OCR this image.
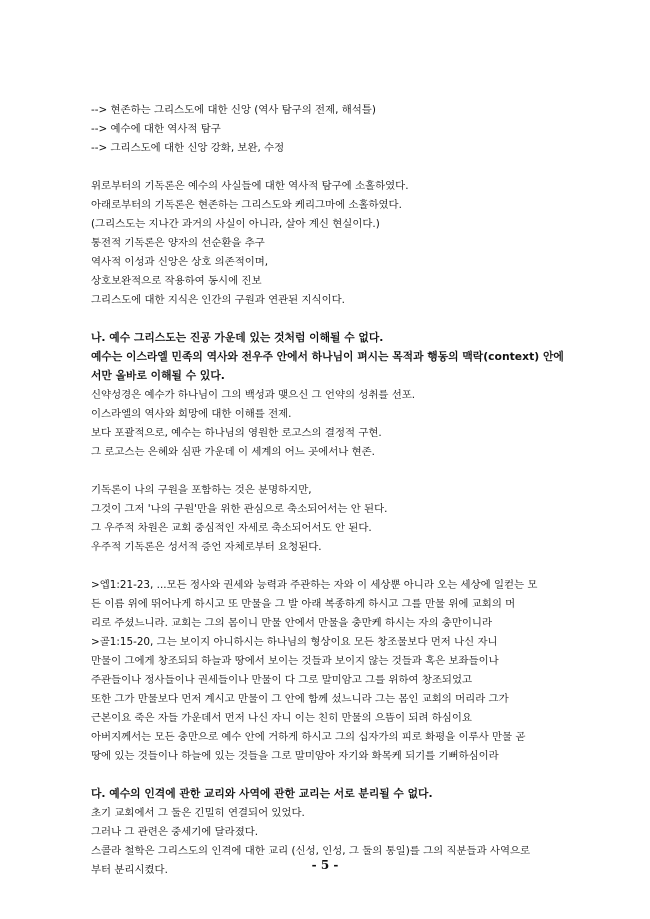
--> 현존하는 그리스도에 대한 신앙 (역사 탐구의 전제, 해석틀)
--> 예수에 대한 역사적 탐구
--> 그리스도에 대한 신앙 강화, 보완, 수정
위로부터의 기독론은 예수의 사실들에 대한 역사적 탐구에 소홀하였다.
아래로부터의 기독론은 현존하는 그리스도와 케리그마에 소홀하였다.
(그리스도는 지나간 과거의 사실이 아니라, 살아 계신 현실이다.)
통전적 기독론은 양자의 선순환을 추구
역사적 이성과 신앙은 상호 의존적이며,
상호보완적으로 작용하여 동시에 진보
그리스도에 대한 지식은 인간의 구원과 연관된 지식이다.
나. 예수 그리스도는 진공 가운데 있는 것처럼 이해될 수 없다.
예수는 이스라엘 민족의 역사와 전우주 안에서 하나님이 펴시는 목적과 행동의 맥락(context) 안에
서만 올바로 이해될 수 있다.
신약성경은 예수가 하나님이 그의 백성과 맺으신 그 언약의 성취를 선포.
이스라엘의 역사와 희망에 대한 이해를 전제.
보다 포괄적으로, 예수는 하나님의 영원한 로고스의 결정적 구현.
그 로고스는 은혜와 심판 가운데 이 세계의 어느 곳에서나 현존.
기독론이 나의 구원을 포함하는 것은 분명하지만,
그것이 그저 '나의 구원'만을 위한 관심으로 축소되어서는 안 된다.
그 우주적 차원은 교회 중심적인 자세로 축소되어서도 안 된다.
우주적 기독론은 성서적 증언 자체로부터 요청된다.
>엡1:21-23, ...모든 정사와 권세와 능력과 주관하는 자와 이 세상뿐 아니라 오는 세상에 일컫는 모
든 이름 위에 뛰어나게 하시고 또 만물을 그 발 아래 복종하게 하시고 그를 만물 위에 교회의 머
리로 주셨느니라. 교회는 그의 몸이니 만물 안에서 만물을 충만케 하시는 자의 충만이니라
>골1:15-20, 그는 보이지 아니하시는 하나님의 형상이요 모든 창조물보다 먼저 나신 자니
만물이 그에게 창조되되 하늘과 땅에서 보이는 것들과 보이지 않는 것들과 혹은 보좌들이나
주관들이나 정사들이나 권세들이나 만물이 다 그로 말미암고 그를 위하여 창조되었고
또한 그가 만물보다 먼저 계시고 만물이 그 안에 함께 섰느니라 그는 몸인 교회의 머리라 그가
근본이요 죽은 자들 가운데서 먼저 나신 자니 이는 친히 만물의 으뜸이 되려 하심이요
아버지께서는 모든 충만으로 예수 안에 거하게 하시고 그의 십자가의 피로 화평을 이루사 만물 곧
땅에 있는 것들이나 하늘에 있는 것들을 그로 말미암아 자기와 화목케 되기를 기뻐하심이라
다. 예수의 인격에 관한 교리와 사역에 관한 교리는 서로 분리될 수 없다.
초기 교회에서 그 둘은 긴밀히 연결되어 있었다.
그러나 그 관련은 중세기에 달라졌다.
스콜라 철학은 그리스도의 인격에 대한 교리 (신성, 인성, 그 둘의 통일)를 그의 직분들과 사역으로
부터 분리시켰다.	- 5 -
